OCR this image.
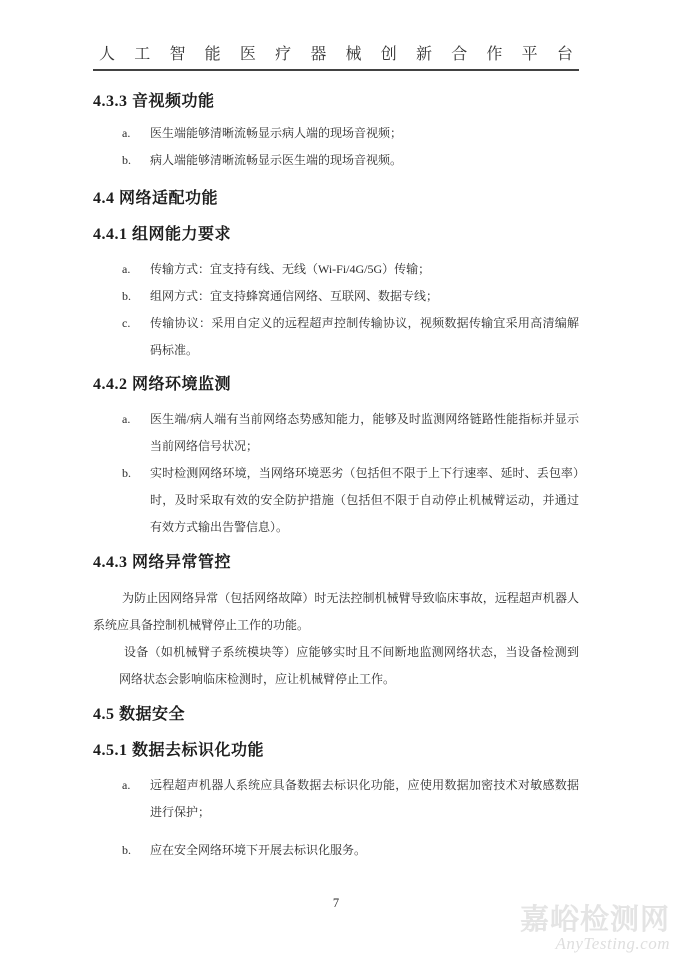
人 工 智 能 医 疗 器 械 创 新 合 作 平 台
4.3.3 音视频功能
a. 医生端能够清晰流畅显示病人端的现场音视频；
b. 病人端能够清晰流畅显示医生端的现场音视频。
4.4 网络适配功能
4.4.1 组网能力要求
a. 传输方式：宜支持有线、无线（Wi-Fi/4G/5G）传输；
b. 组网方式：宜支持蜂窝通信网络、互联网、数据专线；
c. 传输协议：采用自定义的远程超声控制传输协议，视频数据传输宜采用高清编解码标准。
4.4.2 网络环境监测
a. 医生端/病人端有当前网络态势感知能力，能够及时监测网络链路性能指标并显示当前网络信号状况；
b. 实时检测网络环境，当网络环境恶劣（包括但不限于上下行速率、延时、丢包率）时，及时采取有效的安全防护措施（包括但不限于自动停止机械臂运动，并通过有效方式输出告警信息）。
4.4.3 网络异常管控

为防止因网络异常（包括网络故障）时无法控制机械臂导致临床事故，远程超声机器人系统应具备控制机械臂停止工作的功能。

设备（如机械臂子系统模块等）应能够实时且不间断地监测网络状态，当设备检测到网络状态会影响临床检测时，应让机械臂停止工作。

4.5 数据安全
4.5.1 数据去标识化功能
a. 远程超声机器人系统应具备数据去标识化功能，应使用数据加密技术对敏感数据进行保护；
b. 应在安全网络环境下开展去标识化服务。
7
嘉峪检测网
AnyTesting.com
